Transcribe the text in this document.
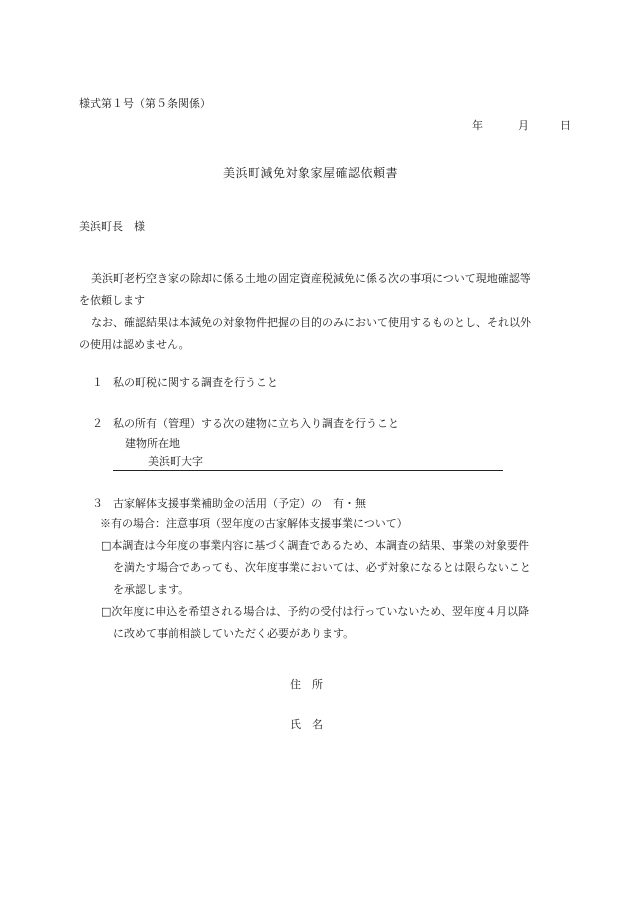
様式第１号（第５条関係）
年	月	日
美浜町減免対象家屋確認依頼書
美浜町長　様
美浜町老朽空き家の除却に係る土地の固定資産税減免に係る次の事項について現地確認等
を依頼します
なお、確認結果は本減免の対象物件把握の目的のみにおいて使用するものとし、それ以外
の使用は認めません。
１ 私の町税に関する調査を行うこと
２ 私の所有（管理）する次の建物に立ち入り調査を行うこと
建物所在地
美浜町大字
３ 古家解体支援事業補助金の活用（予定）の　有・無
※有の場合：注意事項（翌年度の古家解体支援事業について）
□本調査は今年度の事業内容に基づく調査であるため、本調査の結果、事業の対象要件
を満たす場合であっても、次年度事業においては、必ず対象になるとは限らないこと
を承認します。
□次年度に申込を希望される場合は、予約の受付は行っていないため、翌年度４月以降
に改めて事前相談していただく必要があります。
住　所
氏　名
